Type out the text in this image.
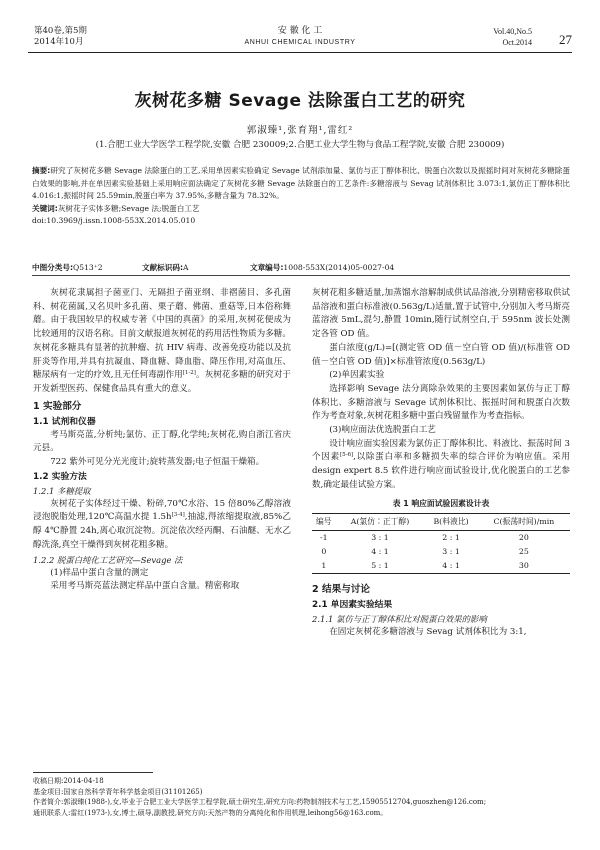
第40卷,第5期
2014年10月
安 徽 化 工
ANHUI CHEMICAL INDUSTRY
Vol.40,No.5
Oct.2014 27
灰树花多糖 Sevage 法除蛋白工艺的研究
郭淑臻¹,张育翔¹,雷红²
(1.合肥工业大学医学工程学院,安徽 合肥 230009;2.合肥工业大学生物与食品工程学院,安徽 合肥 230009)
摘要:研究了灰树花多糖 Sevage 法除蛋白的工艺,采用单因素实验确定 Sevage 试剂添加量、氯仿与正丁醇体积比、脱蛋白次数以及振摇时间对灰树花多糖除蛋白效果的影响,并在单因素实验基础上采用响应面法确定了灰树花多糖 Sevage 法除蛋白的工艺条件:多糖溶液与 Sevag 试剂体积比 3.073:1,氯仿正丁醇体积比 4.016:1,振摇时间 25.59min,脱蛋白率为 37.95%,多糖含量为 78.32%。
关键词:灰树花子实体多糖;Sevage 法;脱蛋白工艺
doi:10.3969/j.issn.1008-553X.2014.05.010
中图分类号:Q513⁺2	文献标识码:A	文章编号:1008-553X(2014)05-0027-04

灰树花隶属担子菌亚门、无隔担子菌亚纲、非褶菌目、多孔菌科、树花菌属,又名贝叶多孔菌、栗子蘑、佛菌、重菇等,日本俗称舞蘑。由于我国较早的权威专著《中国的真菌》的采用,灰树花便成为比较通用的汉语名称。目前文献报道灰树花的药用活性物质为多糖。灰树花多糖具有显著的抗肿瘤、抗 HIV 病毒、改善免疫功能以及抗肝炎等作用,并具有抗凝血、降血糖、降血脂、降压作用,对高血压、糖尿病有一定的疗效,且无任何毒副作用[1-2]。灰树花多糖的研究对于开发新型医药、保健食品具有重大的意义。

1 实验部分
1.1 试剂和仪器

考马斯亮蓝,分析纯;氯仿、正丁醇,化学纯;灰树花,购自浙江省庆元县。

722 紫外可见分光光度计;旋转蒸发器;电子恒温干燥箱。

1.2 实验方法
1.2.1 多糖提取

灰树花子实体经过干燥、粉碎,70℃水浴、15 倍80%乙醇溶液浸泡脱脂处理,120℃高温水提 1.5h[3-4],抽滤,得浓缩提取液,85%乙醇 4℃静置 24h,离心取沉淀物。沉淀依次经丙酮、石油醚、无水乙醇洗涤,真空干燥得到灰树花粗多糖。

1.2.2 脱蛋白纯化工艺研究—Sevage 法

(1)样品中蛋白含量的测定

采用考马斯亮蓝法测定样品中蛋白含量。精密称取

灰树花粗多糖适量,加蒸馏水溶解制成供试品溶液,分别精密移取供试品溶液和蛋白标准液(0.563g/L)适量,置于试管中,分别加入考马斯亮蓝溶液 5mL,混匀,静置 10min,随行试剂空白,于 595nm 波长处测定各管 OD 值。

蛋白浓度(g/L)=[(测定管 OD 值－空白管 OD 值)/(标准管 OD 值－空白管 OD 值)]×标准管浓度(0.563g/L)

(2)单因素实验

选择影响 Sevage 法分离除杂效果的主要因素如氯仿与正丁醇体积比、多糖溶液与 Sevage 试剂体积比、振摇时间和脱蛋白次数作为考查对象,灰树花粗多糖中蛋白残留量作为考查指标。

(3)响应面法优选脱蛋白工艺

设计响应面实验因素为氯仿正丁醇体积比、料液比、振荡时间 3 个因素[5-6],以除蛋白率和多糖损失率的综合评价为响应值。采用 design expert 8.5 软件进行响应面试验设计,优化脱蛋白的工艺参数,确定最佳试验方案。

表 1 响应面试验因素设计表
编号	A(氯仿∶正丁醇)	B(料液比)	C(振荡时间)/min
-1	3 : 1	2 : 1	20
0	4 : 1	3 : 1	25
1	5 : 1	4 : 1	30
2 结果与讨论
2.1 单因素实验结果
2.1.1 氯仿与正丁醇体积比对脱蛋白效果的影响

在固定灰树花多糖溶液与 Sevag 试剂体积比为 3:1,

收稿日期:2014-04-18
基金项目:国家自然科学青年科学基金项目(31101265)
作者简介:郭淑臻(1988-),女,毕业于合肥工业大学医学工程学院,硕士研究生,研究方向:药物制剂技术与工艺,15905512704,guoszhen@126.com;
通讯联系人:雷红(1973-),女,博士,硕导,副教授,研究方向:天然产物的分离纯化和作用机理,leihong56@163.com。
